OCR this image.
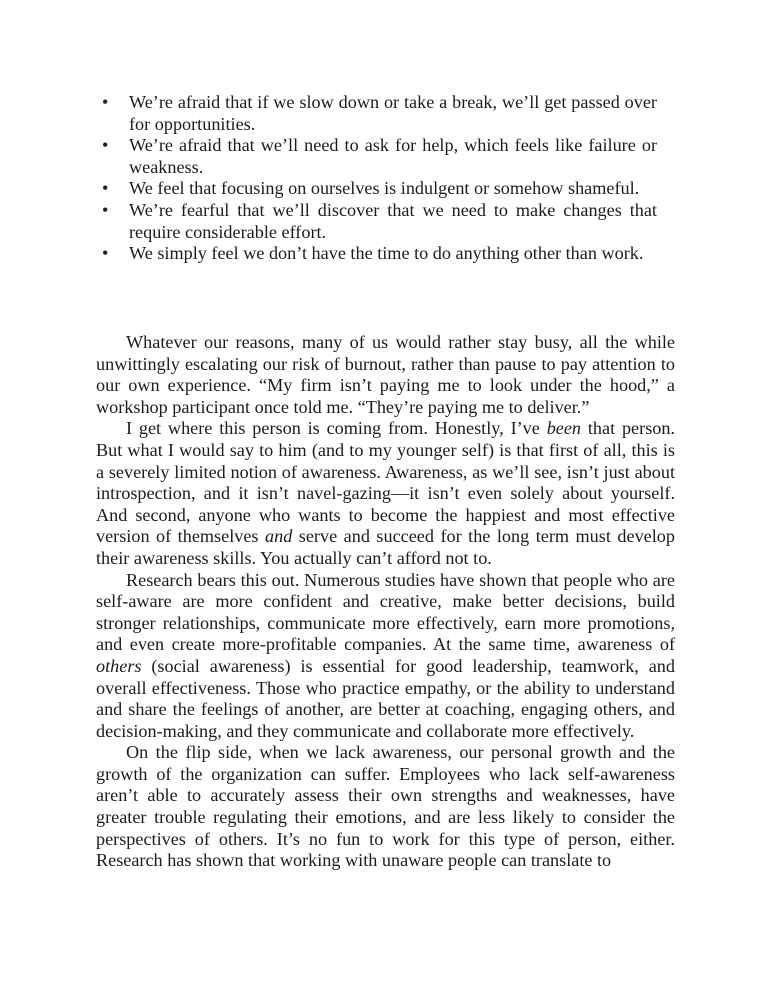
• We’re afraid that if we slow down or take a break, we’ll get passed over for opportunities.
• We’re afraid that we’ll need to ask for help, which feels like failure or weakness.
• We feel that focusing on ourselves is indulgent or somehow shameful.
• We’re fearful that we’ll discover that we need to make changes that require considerable effort.
• We simply feel we don’t have the time to do anything other than work.

Whatever our reasons, many of us would rather stay busy, all the while unwittingly escalating our risk of burnout, rather than pause to pay attention to our own experience. “My firm isn’t paying me to look under the hood,” a workshop participant once told me. “They’re paying me to deliver.”

I get where this person is coming from. Honestly, I’ve been that person. But what I would say to him (and to my younger self) is that first of all, this is a severely limited notion of awareness. Awareness, as we’ll see, isn’t just about introspection, and it isn’t navel-gazing—it isn’t even solely about yourself. And second, anyone who wants to become the happiest and most effective version of themselves and serve and succeed for the long term must develop their awareness skills. You actually can’t afford not to.

Research bears this out. Numerous studies have shown that people who are self-aware are more confident and creative, make better decisions, build stronger relationships, communicate more effectively, earn more promotions, and even create more-profitable companies. At the same time, awareness of others (social awareness) is essential for good leadership, teamwork, and overall effectiveness. Those who practice empathy, or the ability to understand and share the feelings of another, are better at coaching, engaging others, and decision-making, and they communicate and collaborate more effectively.

On the flip side, when we lack awareness, our personal growth and the growth of the organization can suffer. Employees who lack self-awareness aren’t able to accurately assess their own strengths and weaknesses, have greater trouble regulating their emotions, and are less likely to consider the perspectives of others. It’s no fun to work for this type of person, either. Research has shown that working with unaware people can translate to
